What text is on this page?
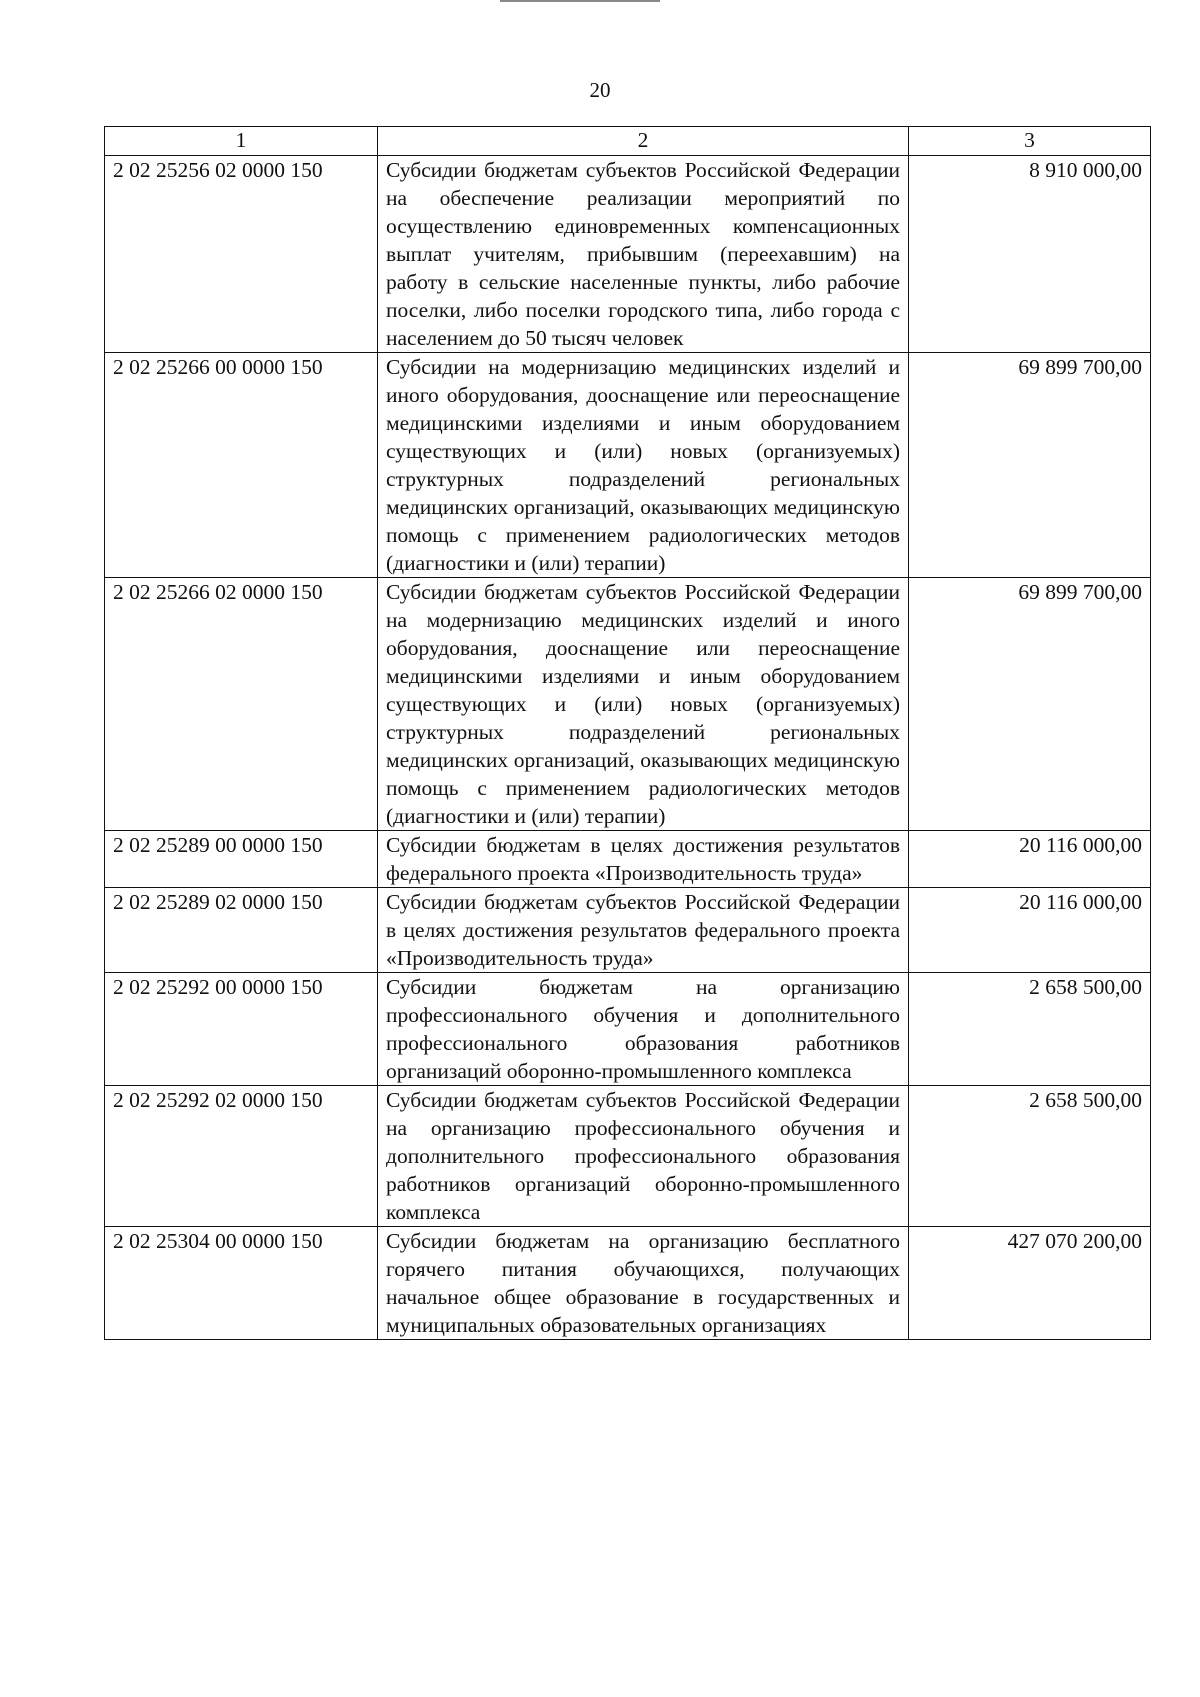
20
1	2	3
2 02 25256 02 0000 150	Субсидии бюджетам субъектов Российской Федерации на обеспечение реализации мероприятий по осуществлению единовременных компенсационных выплат учителям, прибывшим (переехавшим) на работу в сельские населенные пункты, либо рабочие поселки, либо поселки городского типа, либо города с населением до 50 тысяч человек	8 910 000,00
2 02 25266 00 0000 150	Субсидии на модернизацию медицинских изделий и иного оборудования, дооснащение или переоснащение медицинскими изделиями и иным оборудованием существующих и (или) новых (организуемых) структурных подразделений региональных медицинских организаций, оказывающих медицинскую помощь с применением радиологических методов (диагностики и (или) терапии)	69 899 700,00
2 02 25266 02 0000 150	Субсидии бюджетам субъектов Российской Федерации на модернизацию медицинских изделий и иного оборудования, дооснащение или переоснащение медицинскими изделиями и иным оборудованием существующих и (или) новых (организуемых) структурных подразделений региональных медицинских организаций, оказывающих медицинскую помощь с применением радиологических методов (диагностики и (или) терапии)	69 899 700,00
2 02 25289 00 0000 150	Субсидии бюджетам в целях достижения результатов федерального проекта «Производительность труда»	20 116 000,00
2 02 25289 02 0000 150	Субсидии бюджетам субъектов Российской Федерации в целях достижения результатов федерального проекта «Производительность труда»	20 116 000,00
2 02 25292 00 0000 150	Субсидии бюджетам на организацию профессионального обучения и дополнительного профессионального образования работников организаций оборонно-промышленного комплекса	2 658 500,00
2 02 25292 02 0000 150	Субсидии бюджетам субъектов Российской Федерации на организацию профессионального обучения и дополнительного профессионального образования работников организаций оборонно-промышленного комплекса	2 658 500,00
2 02 25304 00 0000 150	Субсидии бюджетам на организацию бесплатного горячего питания обучающихся, получающих начальное общее образование в государственных и муниципальных образовательных организациях	427 070 200,00
